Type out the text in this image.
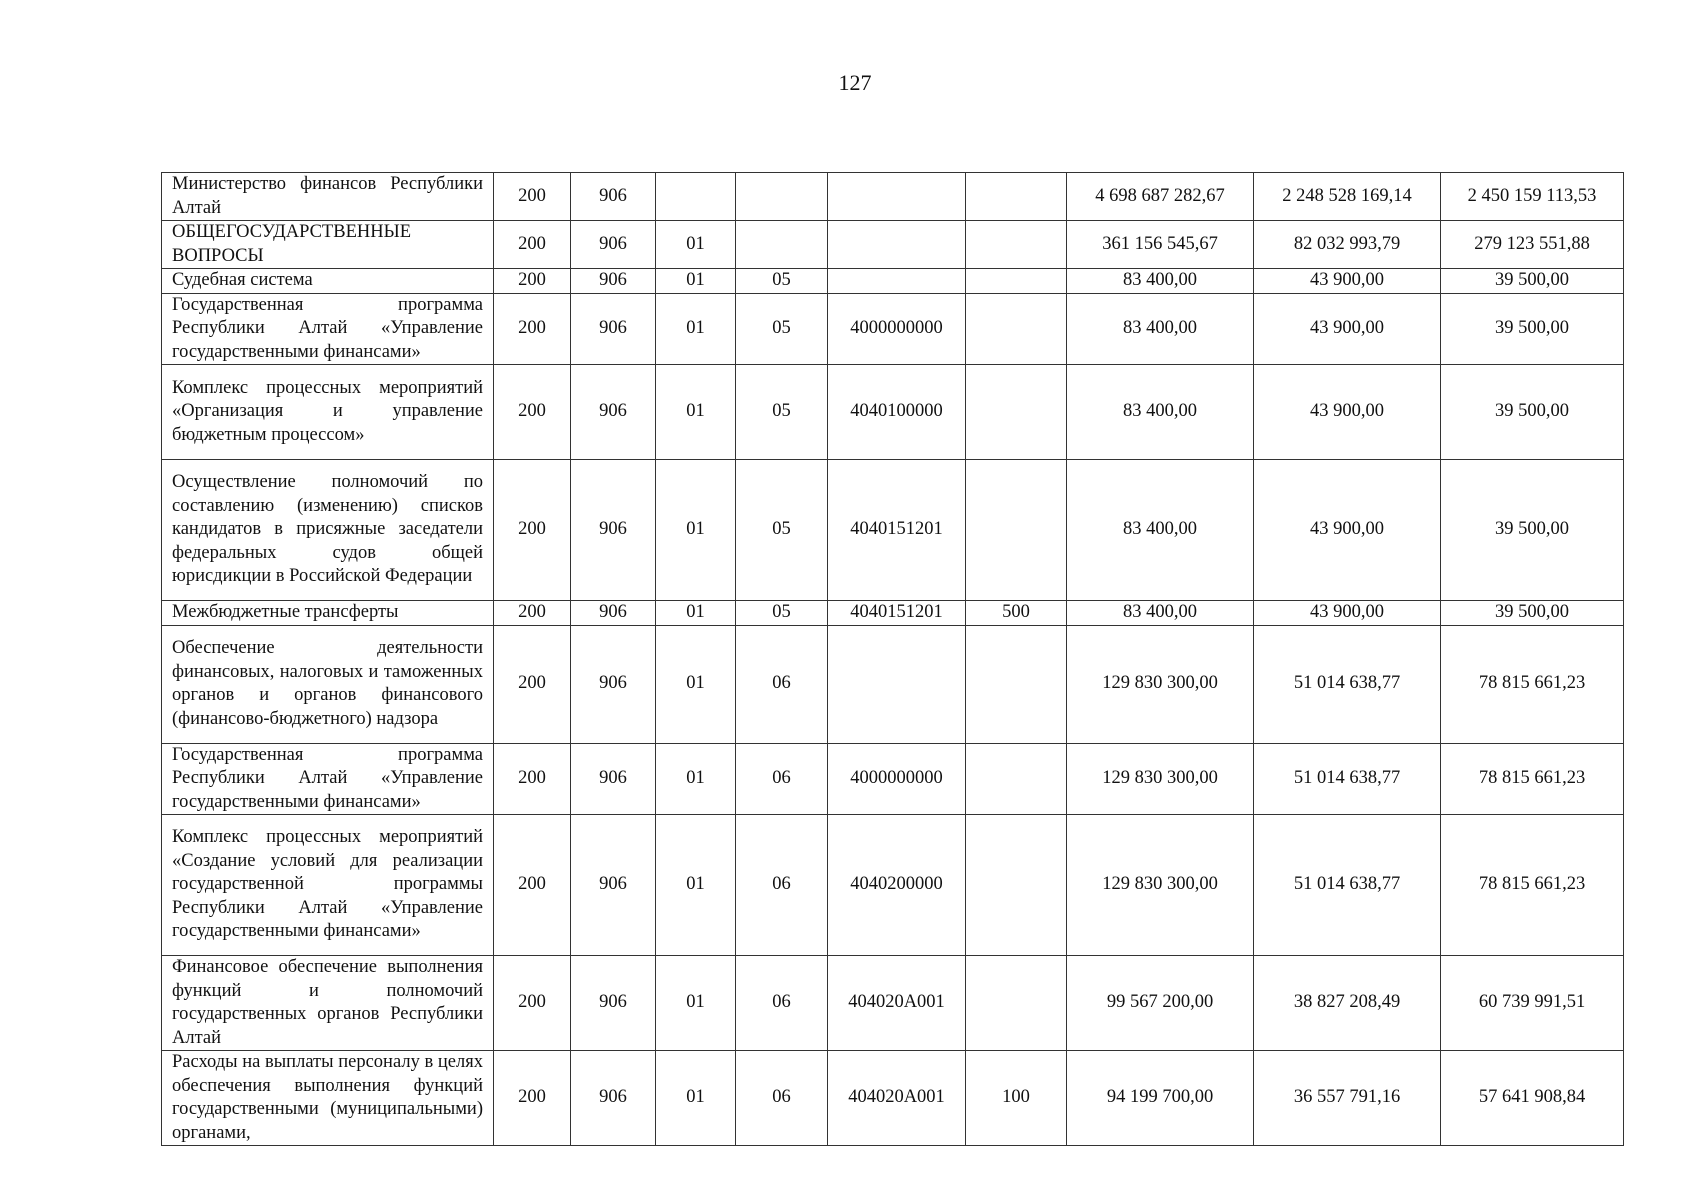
127
Министерство финансов Республики Алтай	200	906					4 698 687 282,67	2 248 528 169,14	2 450 159 113,53
ОБЩЕГОСУДАРСТВЕННЫЕ ВОПРОСЫ	200	906	01				361 156 545,67	82 032 993,79	279 123 551,88
Судебная система	200	906	01	05			83 400,00	43 900,00	39 500,00
Государственная программа Республики Алтай «Управление государственными финансами»	200	906	01	05	4000000000		83 400,00	43 900,00	39 500,00
Комплекс процессных мероприятий «Организация и управление бюджетным процессом»	200	906	01	05	4040100000		83 400,00	43 900,00	39 500,00
Осуществление полномочий по составлению (изменению) списков кандидатов в присяжные заседатели федеральных судов общей юрисдикции в Российской Федерации	200	906	01	05	4040151201		83 400,00	43 900,00	39 500,00
Межбюджетные трансферты	200	906	01	05	4040151201	500	83 400,00	43 900,00	39 500,00
Обеспечение деятельности финансовых, налоговых и таможенных органов и органов финансового (финансово-бюджетного) надзора	200	906	01	06			129 830 300,00	51 014 638,77	78 815 661,23
Государственная программа Республики Алтай «Управление государственными финансами»	200	906	01	06	4000000000		129 830 300,00	51 014 638,77	78 815 661,23
Комплекс процессных мероприятий «Создание условий для реализации государственной программы Республики Алтай «Управление государственными финансами»	200	906	01	06	4040200000		129 830 300,00	51 014 638,77	78 815 661,23
Финансовое обеспечение выполнения функций и полномочий государственных органов Республики Алтай	200	906	01	06	404020А001		99 567 200,00	38 827 208,49	60 739 991,51
Расходы на выплаты персоналу в целях обеспечения выполнения функций государственными (муниципальными) органами,	200	906	01	06	404020А001	100	94 199 700,00	36 557 791,16	57 641 908,84
